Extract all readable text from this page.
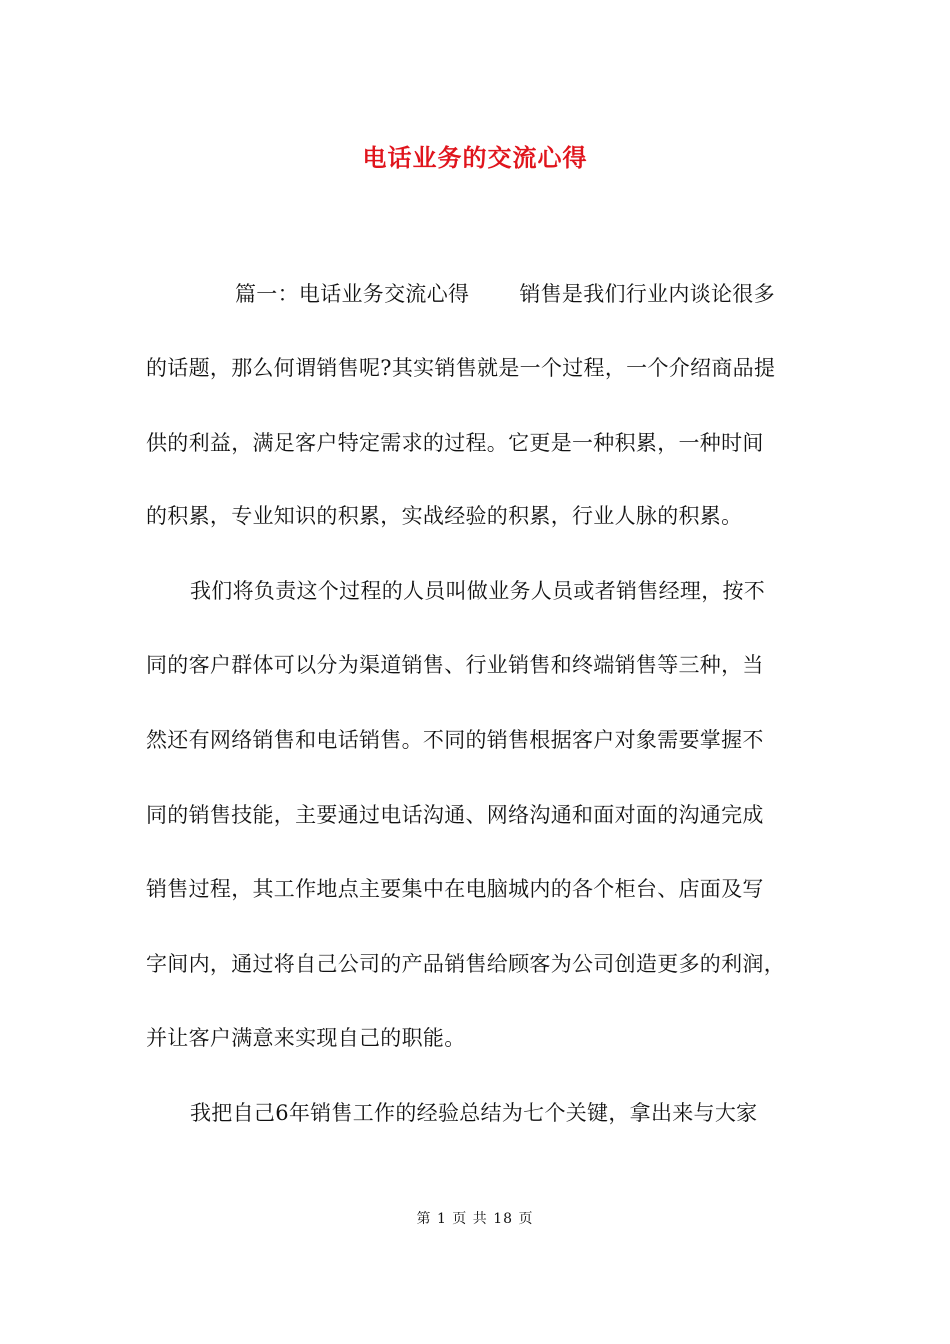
电话业务的交流心得
篇一：电话业务交流心得 销售是我们行业内谈论很多
的话题，那么何谓销售呢?其实销售就是一个过程，一个介绍商品提
供的利益，满足客户特定需求的过程。它更是一种积累，一种时间
的积累，专业知识的积累，实战经验的积累，行业人脉的积累。
我们将负责这个过程的人员叫做业务人员或者销售经理，按不
同的客户群体可以分为渠道销售、行业销售和终端销售等三种，当
然还有网络销售和电话销售。不同的销售根据客户对象需要掌握不
同的销售技能，主要通过电话沟通、网络沟通和面对面的沟通完成
销售过程，其工作地点主要集中在电脑城内的各个柜台、店面及写
字间内，通过将自己公司的产品销售给顾客为公司创造更多的利润，
并让客户满意来实现自己的职能。
我把自己6年销售工作的经验总结为七个关键，拿出来与大家
第 1 页 共 18 页
